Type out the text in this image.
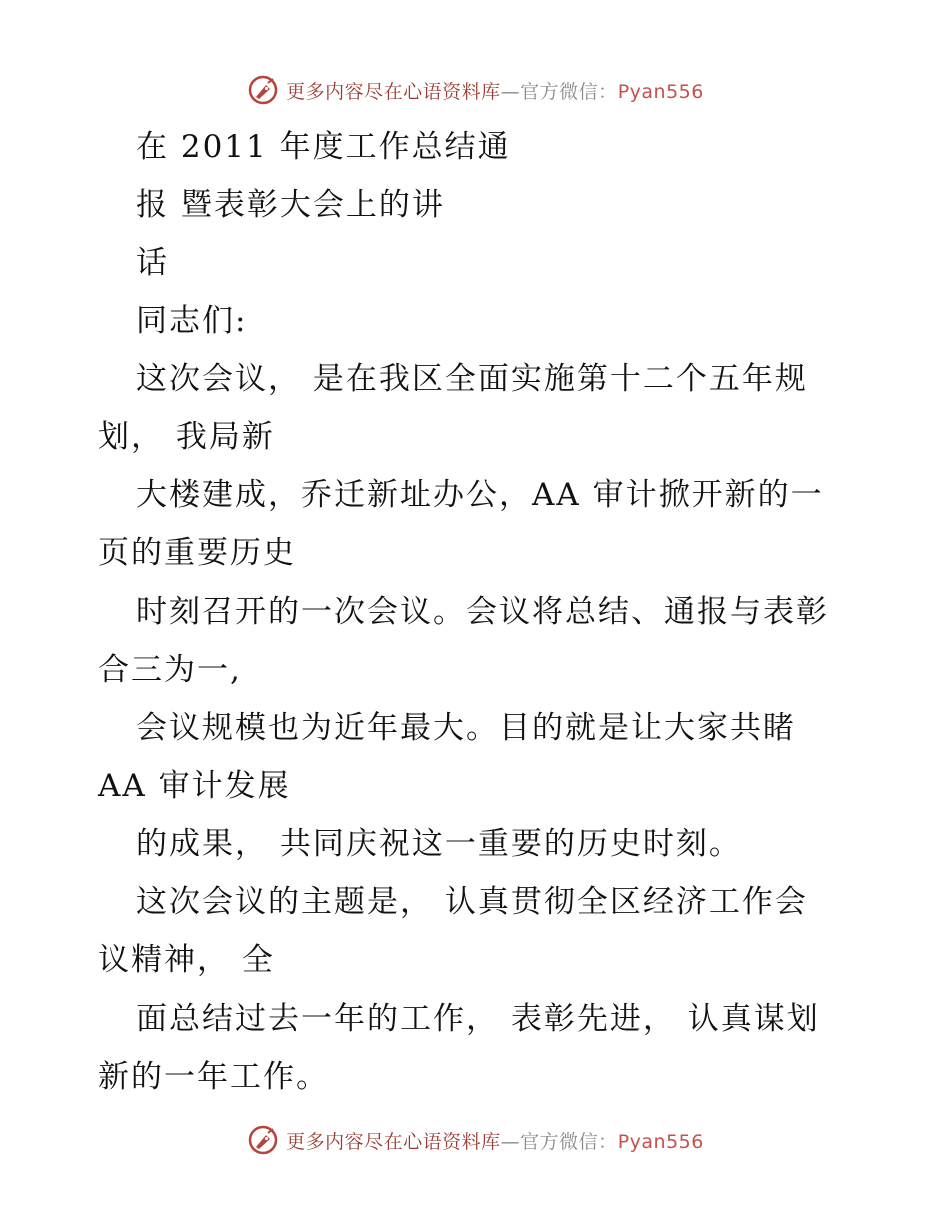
更多内容尽在心语资料库—官方微信：Pyan556
在 2011 年度工作总结通
报 暨表彰大会上的讲
话
同志们:
这次会议， 是在我区全面实施第十二个五年规
划， 我局新
大楼建成，乔迁新址办公，AA 审计掀开新的一
页的重要历史
时刻召开的一次会议。会议将总结、通报与表彰
合三为一,
会议规模也为近年最大。目的就是让大家共睹
AA 审计发展
的成果， 共同庆祝这一重要的历史时刻。
这次会议的主题是， 认真贯彻全区经济工作会
议精神， 全
面总结过去一年的工作， 表彰先进， 认真谋划
新的一年工作。
更多内容尽在心语资料库—官方微信：Pyan556
